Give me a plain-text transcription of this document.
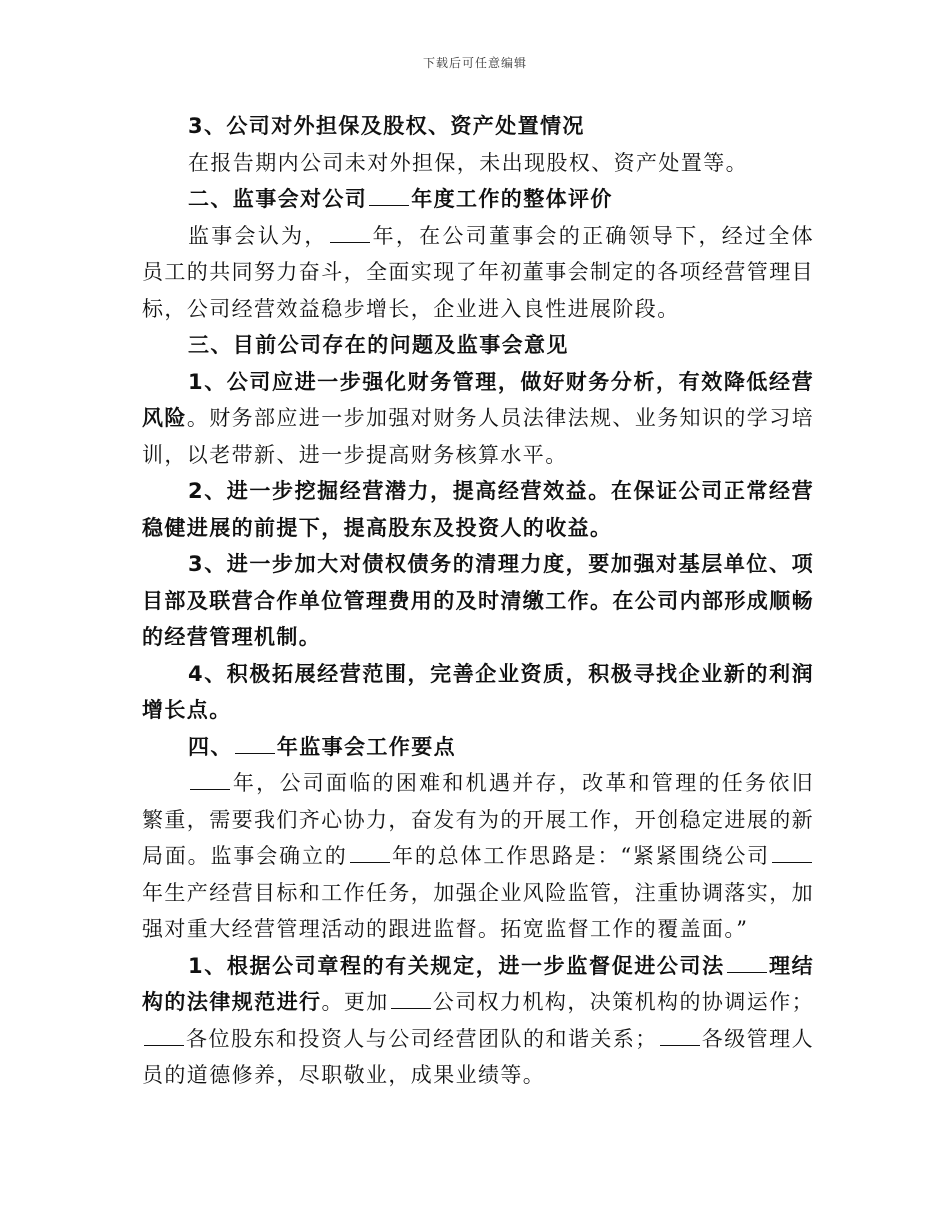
下载后可任意编辑

3、公司对外担保及股权、资产处置情况

在报告期内公司未对外担保，未出现股权、资产处置等。

二、监事会对公司 年度工作的整体评价

监事会认为， 年，在公司董事会的正确领导下，经过全体员工的共同努力奋斗，全面实现了年初董事会制定的各项经营管理目标，公司经营效益稳步增长，企业进入良性进展阶段。

三、目前公司存在的问题及监事会意见

1、公司应进一步强化财务管理，做好财务分析，有效降低经营风险。财务部应进一步加强对财务人员法律法规、业务知识的学习培训，以老带新、进一步提高财务核算水平。

2、进一步挖掘经营潜力，提高经营效益。在保证公司正常经营稳健进展的前提下，提高股东及投资人的收益。

3、进一步加大对债权债务的清理力度，要加强对基层单位、项目部及联营合作单位管理费用的及时清缴工作。在公司内部形成顺畅的经营管理机制。

4、积极拓展经营范围，完善企业资质，积极寻找企业新的利润增长点。

四、 年监事会工作要点

年，公司面临的困难和机遇并存，改革和管理的任务依旧繁重，需要我们齐心协力，奋发有为的开展工作，开创稳定进展的新局面。监事会确立的 年的总体工作思路是：“紧紧围绕公司年生产经营目标和工作任务，加强企业风险监管，注重协调落实，加强对重大经营管理活动的跟进监督。拓宽监督工作的覆盖面。”

1、根据公司章程的有关规定，进一步监督促进公司法 理结构的法律规范进行。更加 公司权力机构，决策机构的协调运作；各位股东和投资人与公司经营团队的和谐关系； 各级管理人员的道德修养，尽职敬业，成果业绩等。
